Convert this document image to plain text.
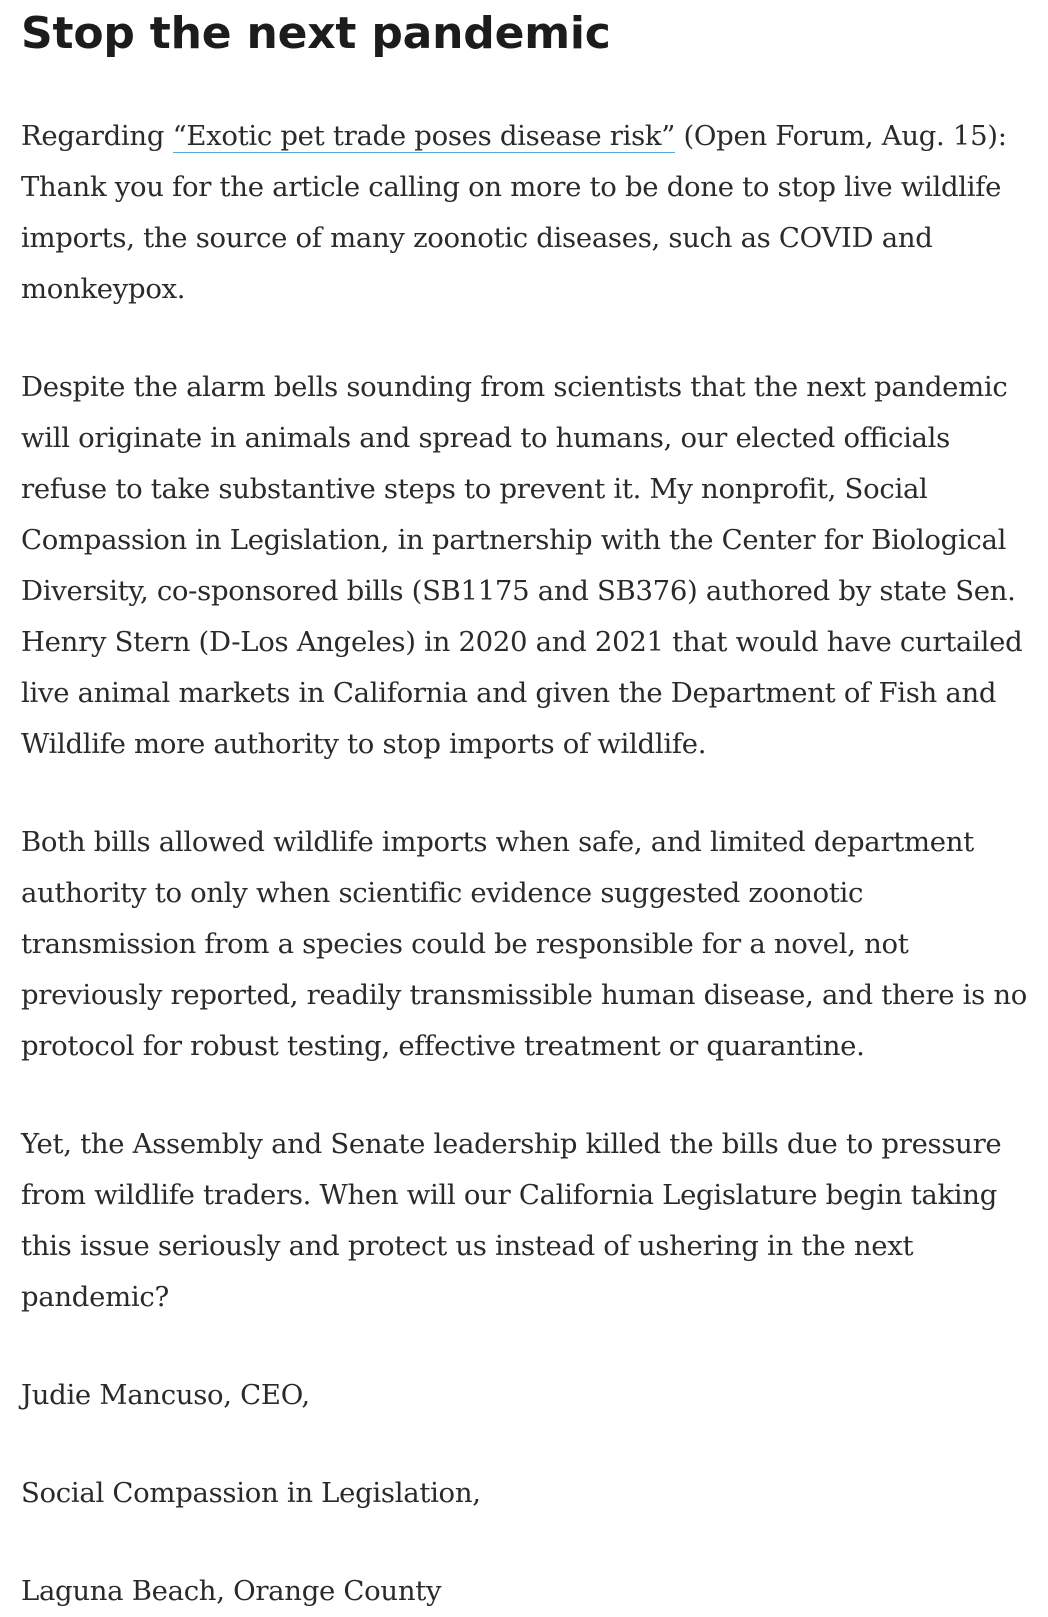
Stop the next pandemic

Regarding “Exotic pet trade poses disease risk” (Open Forum, Aug. 15): Thank you for the article calling on more to be done to stop live wildlife imports, the source of many zoonotic diseases, such as COVID and monkeypox.

Despite the alarm bells sounding from scientists that the next pandemic will originate in animals and spread to humans, our elected officials refuse to take substantive steps to prevent it. My nonprofit, Social Compassion in Legislation, in partnership with the Center for Biological Diversity, co-sponsored bills (SB1175 and SB376) authored by state Sen. Henry Stern (D-Los Angeles) in 2020 and 2021 that would have curtailed live animal markets in California and given the Department of Fish and Wildlife more authority to stop imports of wildlife.

Both bills allowed wildlife imports when safe, and limited department authority to only when scientific evidence suggested zoonotic transmission from a species could be responsible for a novel, not previously reported, readily transmissible human disease, and there is no protocol for robust testing, effective treatment or quarantine.

Yet, the Assembly and Senate leadership killed the bills due to pressure from wildlife traders. When will our California Legislature begin taking this issue seriously and protect us instead of ushering in the next pandemic?

Judie Mancuso, CEO,

Social Compassion in Legislation,

Laguna Beach, Orange County
